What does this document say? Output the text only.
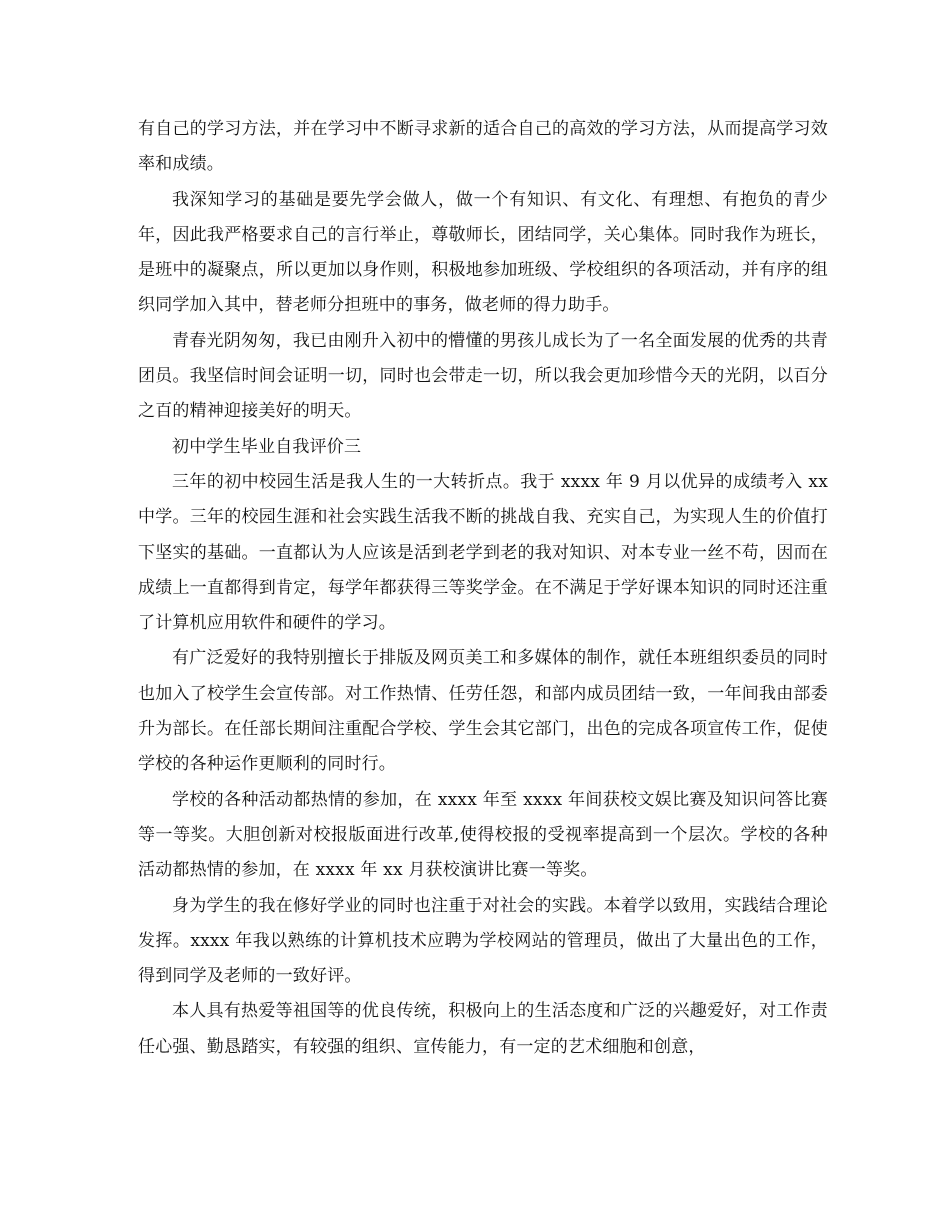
有自己的学习方法，并在学习中不断寻求新的适合自己的高效的学习方法，从而提高学习效率和成绩。

我深知学习的基础是要先学会做人，做一个有知识、有文化、有理想、有抱负的青少年，因此我严格要求自己的言行举止，尊敬师长，团结同学，关心集体。同时我作为班长，是班中的凝聚点，所以更加以身作则，积极地参加班级、学校组织的各项活动，并有序的组织同学加入其中，替老师分担班中的事务，做老师的得力助手。

青春光阴匆匆，我已由刚升入初中的懵懂的男孩儿成长为了一名全面发展的优秀的共青团员。我坚信时间会证明一切，同时也会带走一切，所以我会更加珍惜今天的光阴，以百分之百的精神迎接美好的明天。

初中学生毕业自我评价三

三年的初中校园生活是我人生的一大转折点。我于 xxxx 年 9 月以优异的成绩考入 xx 中学。三年的校园生涯和社会实践生活我不断的挑战自我、充实自己，为实现人生的价值打下坚实的基础。一直都认为人应该是活到老学到老的我对知识、对本专业一丝不苟，因而在成绩上一直都得到肯定，每学年都获得三等奖学金。在不满足于学好课本知识的同时还注重了计算机应用软件和硬件的学习。

有广泛爱好的我特别擅长于排版及网页美工和多媒体的制作，就任本班组织委员的同时也加入了校学生会宣传部。对工作热情、任劳任怨，和部内成员团结一致，一年间我由部委升为部长。在任部长期间注重配合学校、学生会其它部门，出色的完成各项宣传工作，促使学校的各种运作更顺利的同时行。

学校的各种活动都热情的参加，在 xxxx 年至 xxxx 年间获校文娱比赛及知识问答比赛等一等奖。大胆创新对校报版面进行改革,使得校报的受视率提高到一个层次。学校的各种活动都热情的参加，在 xxxx 年 xx 月获校演讲比赛一等奖。

身为学生的我在修好学业的同时也注重于对社会的实践。本着学以致用，实践结合理论发挥。xxxx 年我以熟练的计算机技术应聘为学校网站的管理员，做出了大量出色的工作，得到同学及老师的一致好评。

本人具有热爱等祖国等的优良传统，积极向上的生活态度和广泛的兴趣爱好，对工作责任心强、勤恳踏实，有较强的组织、宣传能力，有一定的艺术细胞和创意，
